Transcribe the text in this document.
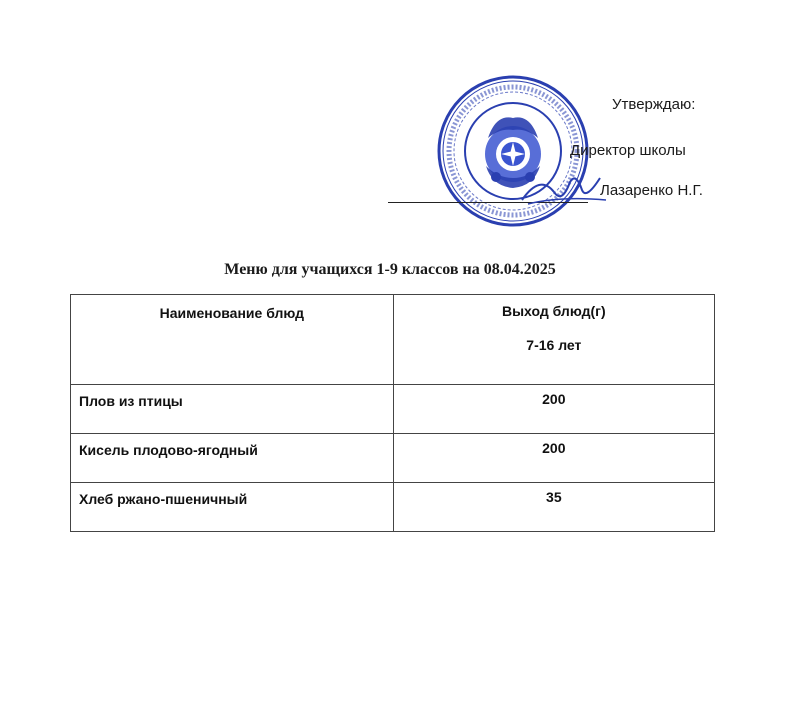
Утверждаю:
Директор школы
Лазаренко Н.Г.
Меню для учащихся 1-9 классов на 08.04.2025
Наименование блюд	Выход блюд(г)
7-16 лет

Плов из птицы	200
Кисель плодово-ягодный	200
Хлеб ржано-пшеничный	35
